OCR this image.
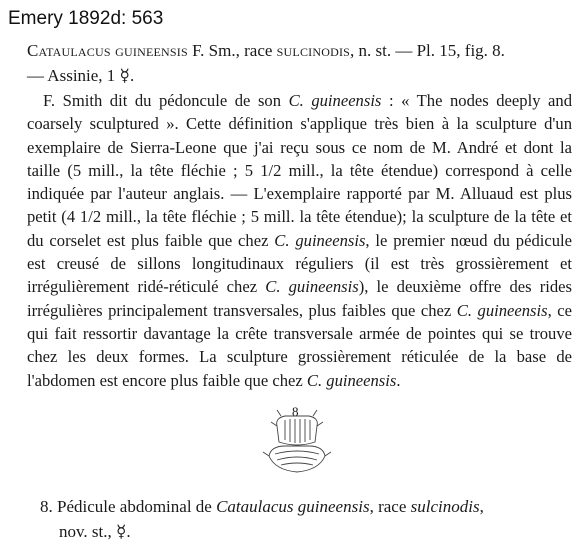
Emery 1892d: 563
Cataulacus guineensis F. Sm., race sulcinodis, n. st. — Pl. 15, fig. 8.
— Assinie, 1 ☿.
F. Smith dit du pédoncule de son C. guineensis : « The nodes deeply and coarsely sculptured ». Cette définition s'applique très bien à la sculpture d'un exemplaire de Sierra-Leone que j'ai reçu sous ce nom de M. André et dont la taille (5 mill., la tête fléchie ; 5 1/2 mill., la tête étendue) correspond à celle indiquée par l'auteur anglais. — L'exemplaire rapporté par M. Alluaud est plus petit (4 1/2 mill., la tête fléchie ; 5 mill. la tête étendue); la sculpture de la tête et du corselet est plus faible que chez C. guineensis, le premier nœud du pédicule est creusé de sillons longitudinaux réguliers (il est très grossièrement et irrégulièrement ridé-réticulé chez C. guineensis), le deuxième offre des rides irrégulières principalement transversales, plus faibles que chez C. guineensis, ce qui fait ressortir davantage la crête transversale armée de pointes qui se trouve chez les deux formes. La sculpture grossièrement réticulée de la base de l'abdomen est encore plus faible que chez C. guineensis.
8
8. Pédicule abdominal de Cataulacus guineensis, race sulcinodis,
nov. st., ☿.
